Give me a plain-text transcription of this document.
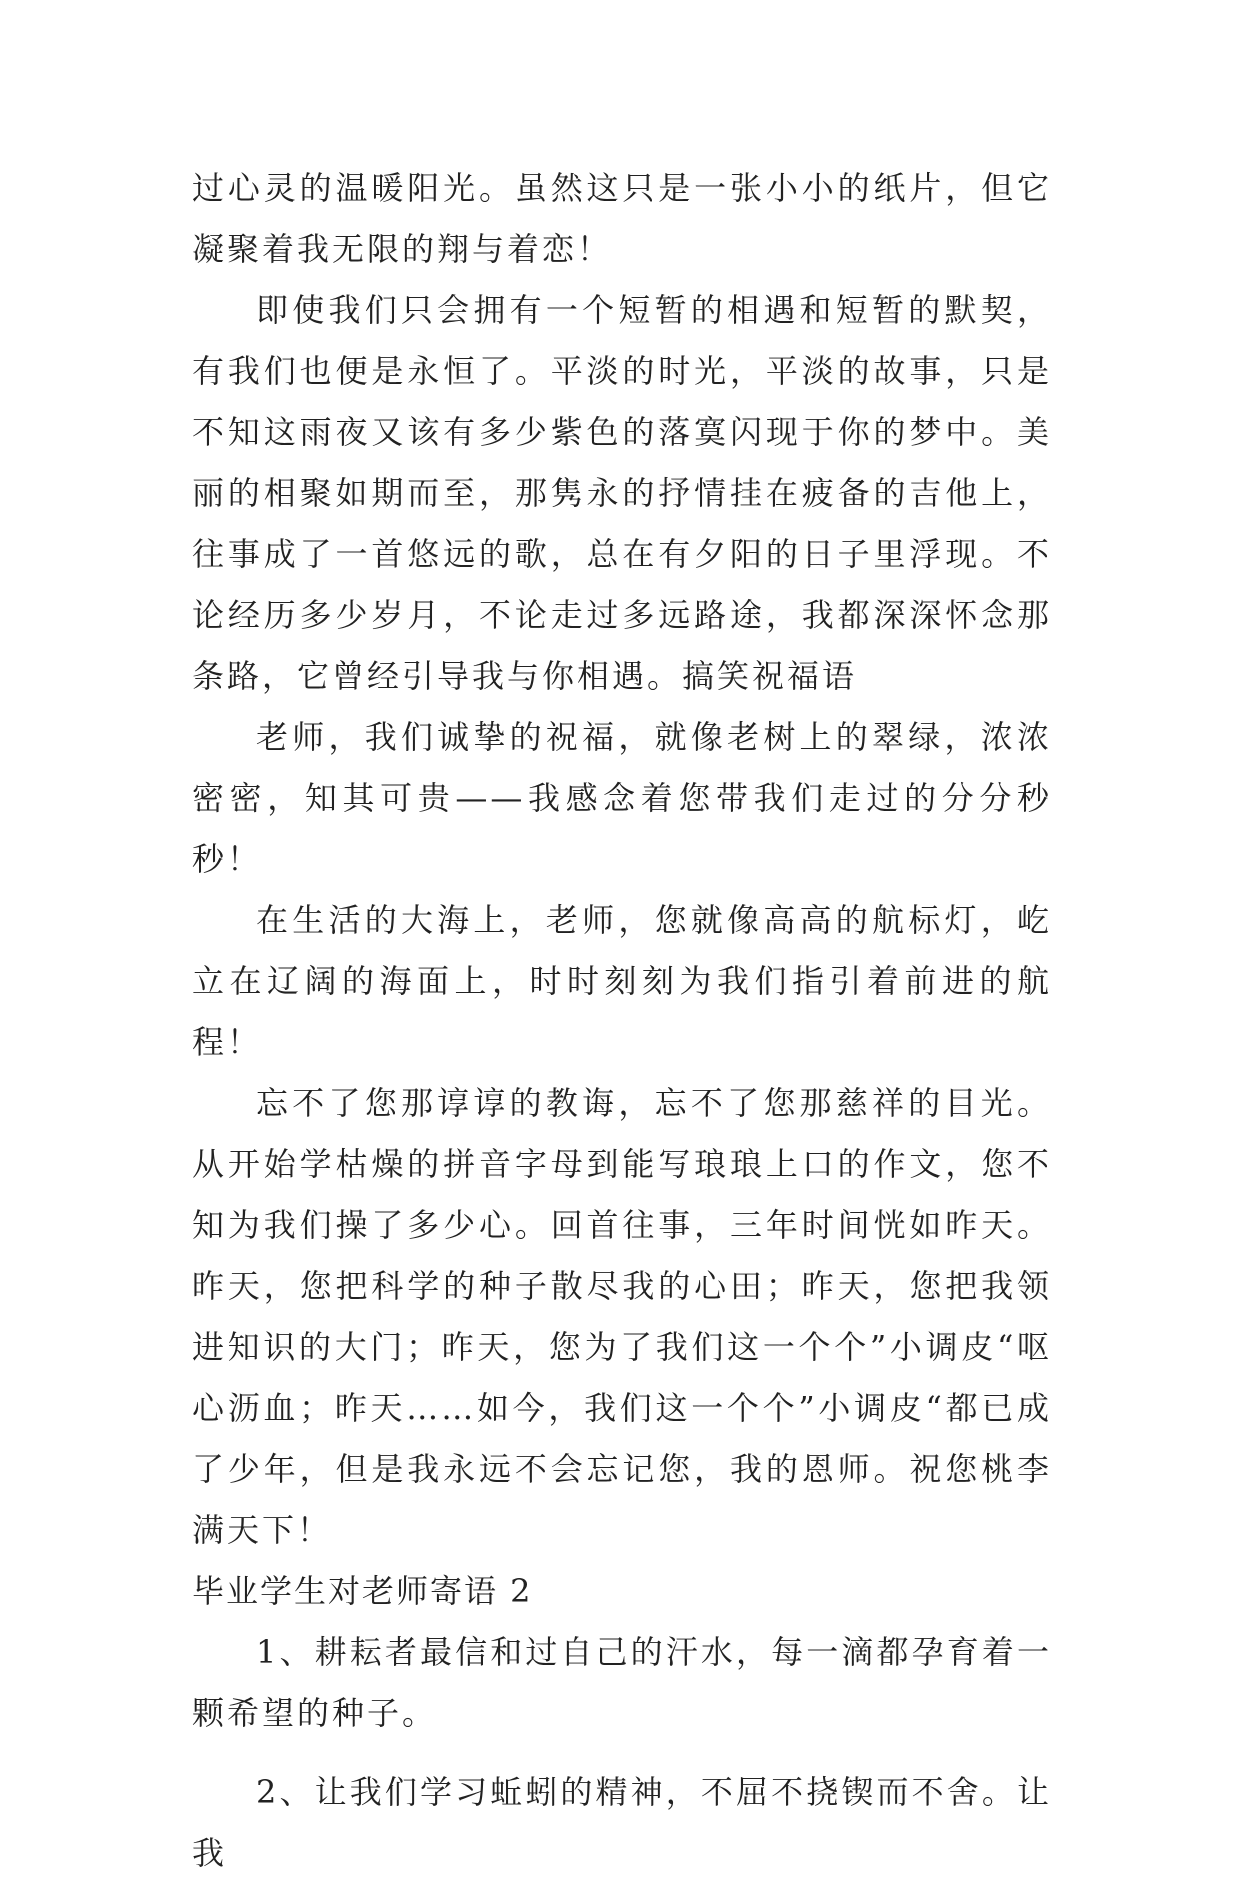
过心灵的温暖阳光。虽然这只是一张小小的纸片，但它凝聚着我无限的翔与着恋！

即使我们只会拥有一个短暂的相遇和短暂的默契，有我们也便是永恒了。平淡的时光，平淡的故事，只是不知这雨夜又该有多少紫色的落寞闪现于你的梦中。美丽的相聚如期而至，那隽永的抒情挂在疲备的吉他上，往事成了一首悠远的歌，总在有夕阳的日子里浮现。不论经历多少岁月，不论走过多远路途，我都深深怀念那条路，它曾经引导我与你相遇。搞笑祝福语

老师，我们诚挚的祝福，就像老树上的翠绿，浓浓密密，知其可贵——我感念着您带我们走过的分分秒秒！

在生活的大海上，老师，您就像高高的航标灯，屹立在辽阔的海面上，时时刻刻为我们指引着前进的航程！

忘不了您那谆谆的教诲，忘不了您那慈祥的目光。从开始学枯燥的拼音字母到能写琅琅上口的作文，您不知为我们操了多少心。回首往事，三年时间恍如昨天。昨天，您把科学的种子散尽我的心田；昨天，您把我领进知识的大门；昨天，您为了我们这一个个”小调皮“呕心沥血；昨天……如今，我们这一个个”小调皮“都已成了少年，但是我永远不会忘记您，我的恩师。祝您桃李满天下！

毕业学生对老师寄语 2

1、耕耘者最信和过自己的汗水，每一滴都孕育着一颗希望的种子。

2、让我们学习蚯蚓的精神，不屈不挠锲而不舍。让我
